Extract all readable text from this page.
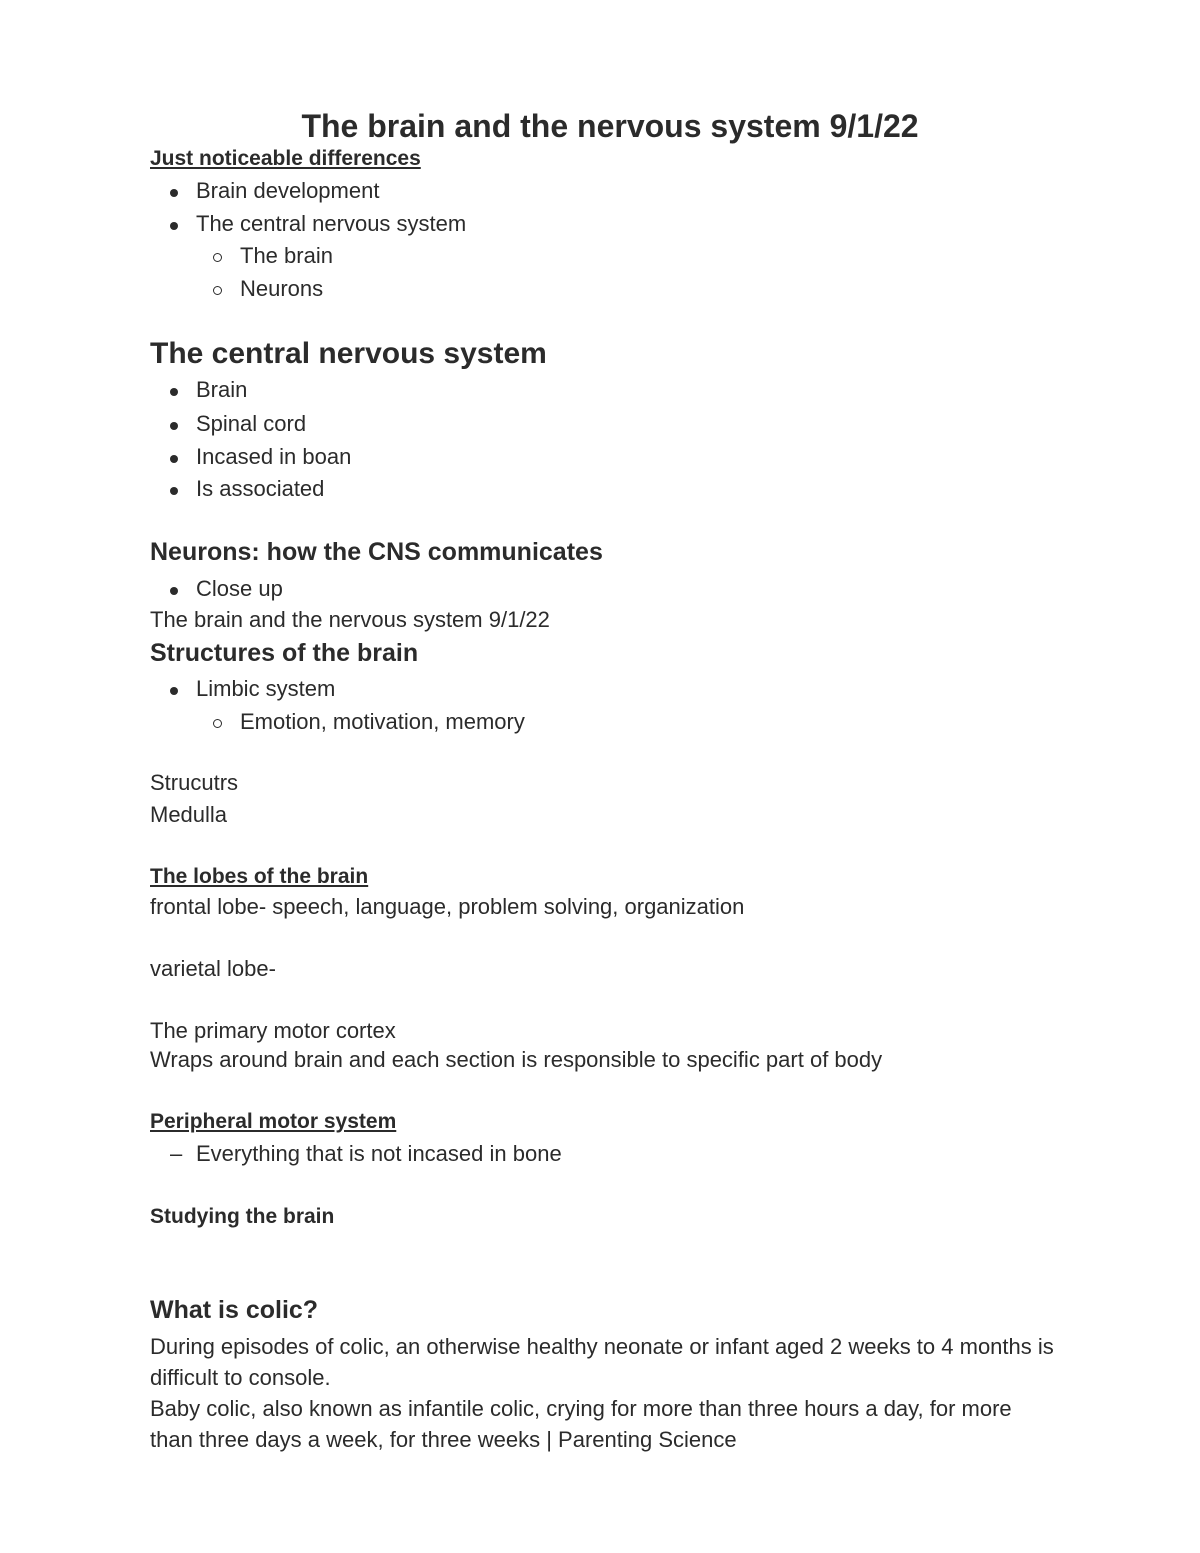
The brain and the nervous system 9/1/22
Just noticeable differences
Brain development
The central nervous system
The brain
Neurons
The central nervous system
Brain
Spinal cord
Incased in boan
Is associated
Neurons: how the CNS communicates
Close up
The brain and the nervous system 9/1/22
Structures of the brain
Limbic system
Emotion, motivation, memory
Strucutrs
Medulla
The lobes of the brain
frontal lobe- speech, language, problem solving, organization
varietal lobe-
The primary motor cortex
Wraps around brain and each section is responsible to specific part of body
Peripheral motor system
– Everything that is not incased in bone
Studying the brain
What is colic?
During episodes of colic, an otherwise healthy neonate or infant aged 2 weeks to 4 months is difficult to console.
Baby colic, also known as infantile colic, crying for more than three hours a day, for more than three days a week, for three weeks | Parenting Science
